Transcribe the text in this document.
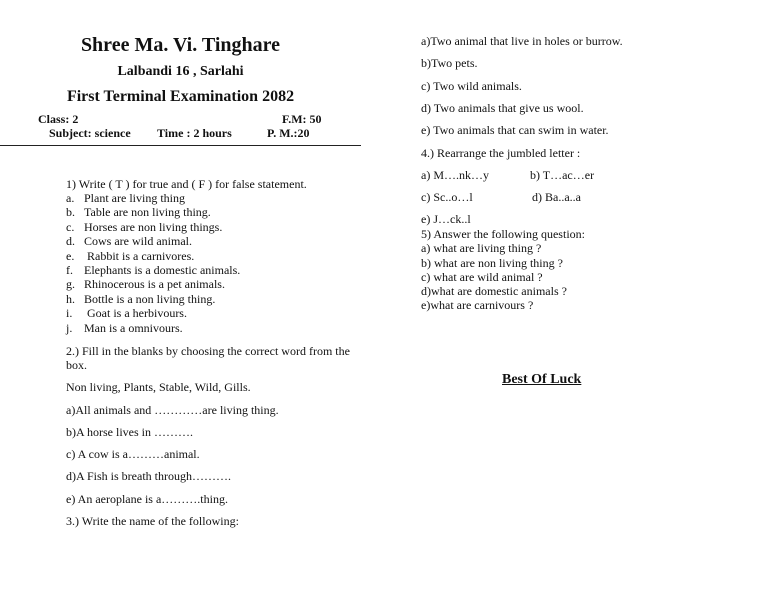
Shree Ma. Vi. Tinghare
Lalbandi 16 , Sarlahi
First Terminal Examination 2082
Class: 2	F.M: 50
Subject: science Time : 2 hours	P. M.:20
1) Write ( T ) for true and ( F ) for false statement.
a. Plant are living thing
b. Table are non living thing.
c. Horses are non living things.
d. Cows are wild animal.
e. Rabbit is a carnivores.
f. Elephants is a domestic animals.
g. Rhinocerous is a pet animals.
h. Bottle is a non living thing.
i. Goat is a herbivours.
j. Man is a omnivours.
2.) Fill in the blanks by choosing the correct word from the
box.
Non living, Plants, Stable, Wild, Gills.
a)All animals and …………are living thing.
b)A horse lives in ……….
c) A cow is a………animal.
d)A Fish is breath through……….
e) An aeroplane is a……….thing.
3.) Write the name of the following:
a)Two animal that live in holes or burrow.
b)Two pets.
c) Two wild animals.
d) Two animals that give us wool.
e) Two animals that can swim in water.
4.) Rearrange the jumbled letter :
a) M….nk…y	b) T…ac…er
c) Sc..o…l	d) Ba..a..a
e) J…ck..l
5) Answer the following question:
a) what are living thing ?
b) what are non living thing ?
c) what are wild animal ?
d)what are domestic animals ?
e)what are carnivours ?
Best Of Luck
